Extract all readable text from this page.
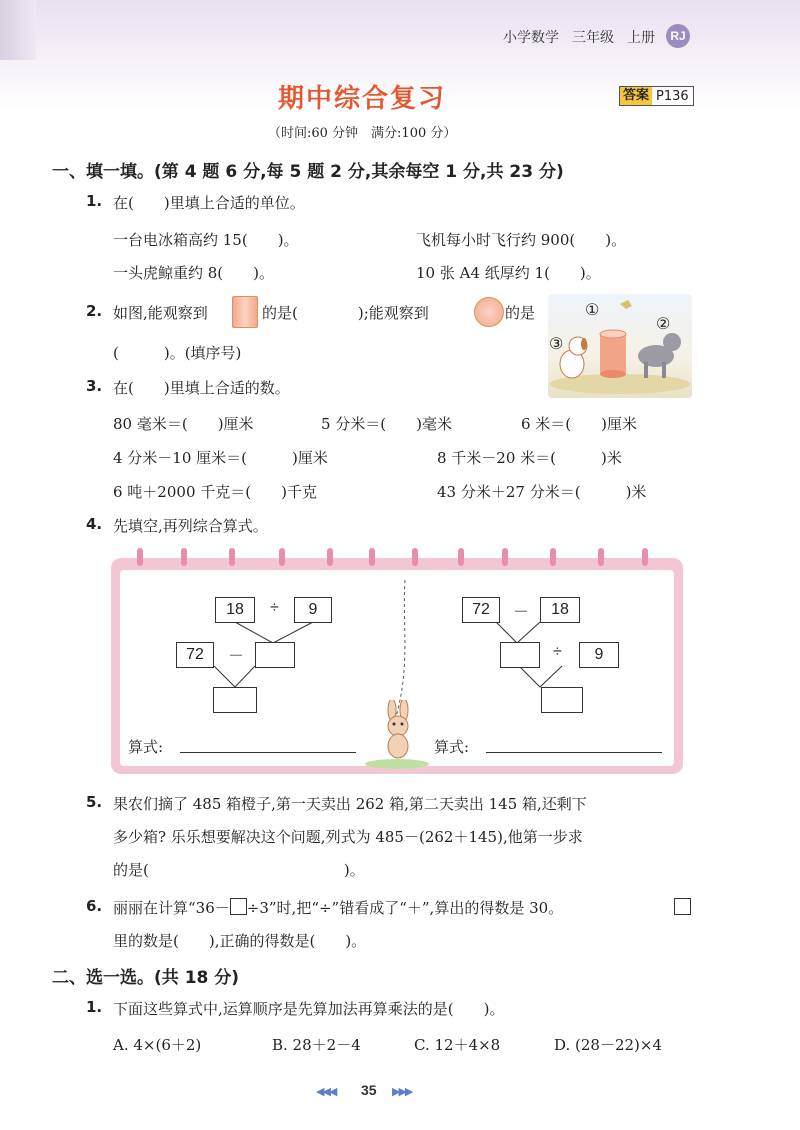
小学数学 三年级 上册	RJ
期中综合复习	答案 P136
（时间:60 分钟　满分:100 分）
一、填一填。(第 4 题 6 分,每 5 题 2 分,其余每空 1 分,共 23 分)
1. 在(　　)里填上合适的单位。
一台电冰箱高约 15(　　)。	飞机每小时飞行约 900(　　)。
一头虎鲸重约 8(　　)。	10 张 A4 纸厚约 1(　　)。
2. 如图,能观察到	的是(　　　　);能观察到	的是
(　　　)。(填序号)
①
②
③
3. 在(　　)里填上合适的数。
80 毫米＝(　　)厘米	5 分米＝(　　)毫米	6 米＝(　　)厘米
4 分米－10 厘米＝(　　　)厘米	8 千米－20 米＝(　　　)米
6 吨＋2000 千克＝(　　)千克	43 分米＋27 分米＝(　　　)米
4. 先填空,再列综合算式。
18	÷	9
72	－
72	－	18
÷	9
算式:	算式:
5. 果农们摘了 485 箱橙子,第一天卖出 262 箱,第二天卖出 145 箱,还剩下
多少箱? 乐乐想要解决这个问题,列式为 485－(262＋145),他第一步求
的是(　　　　　　　　　　　　　)。
6. 丽丽在计算“36－ ÷3”时,把“÷”错看成了“＋”,算出的得数是 30。
里的数是(　　),正确的得数是(　　)。
二、选一选。(共 18 分)
1. 下面这些算式中,运算顺序是先算加法再算乘法的是(　　)。
A. 4×(6＋2)	B. 28＋2－4	C. 12＋4×8	D. (28－22)×4
◀◀◀ 35 ▶▶▶
